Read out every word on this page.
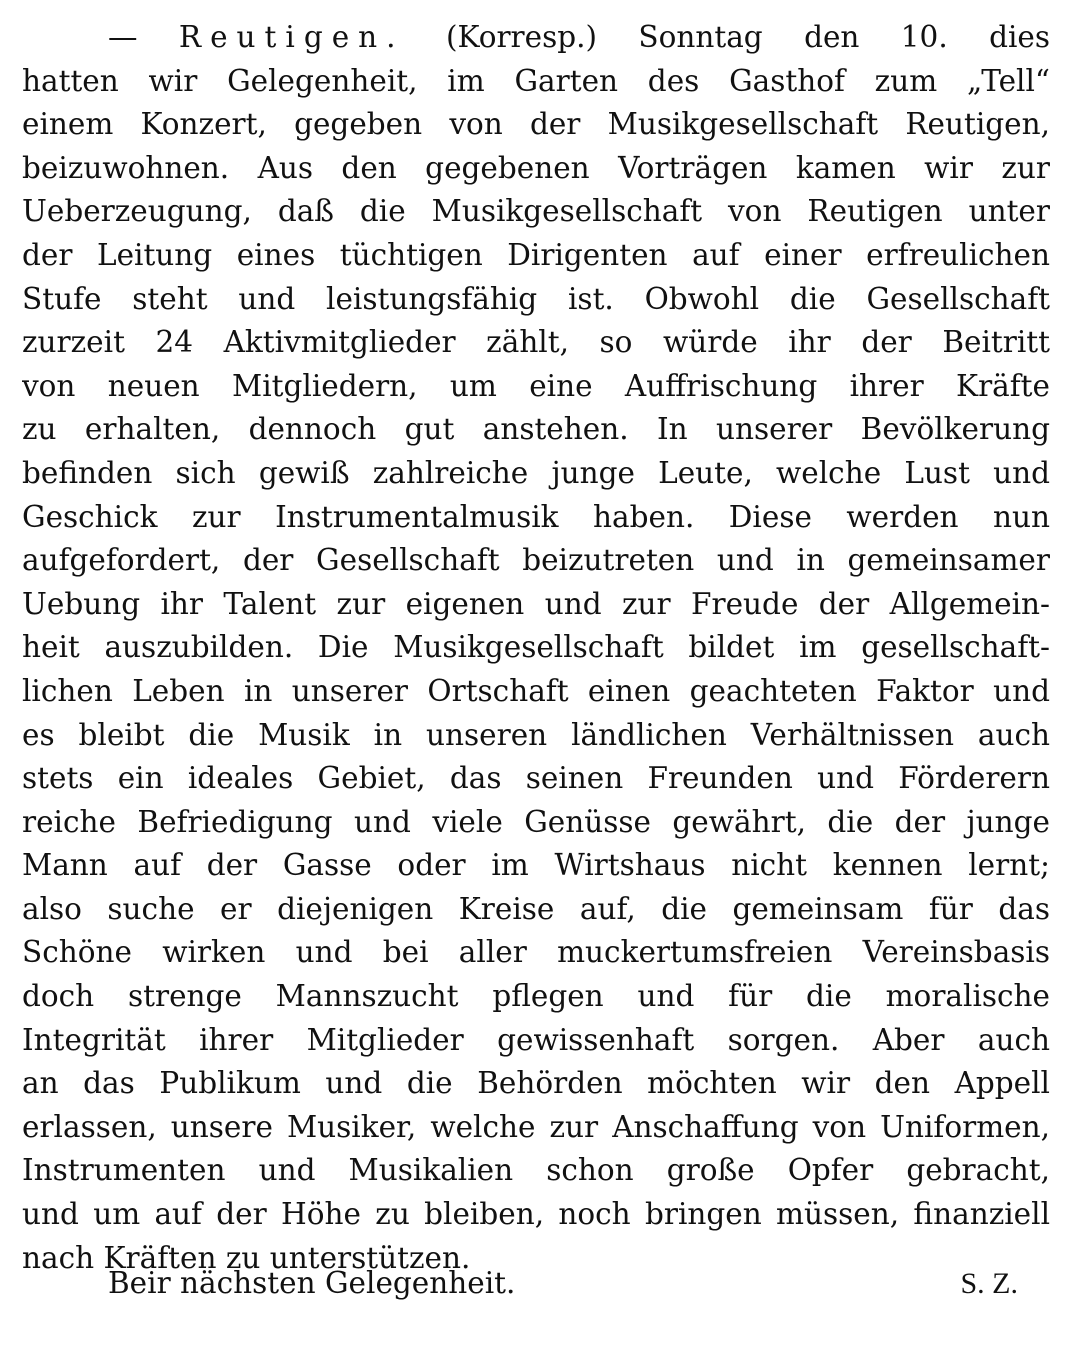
— Reutigen. (Korresp.) Sonntag den 10. dies
hatten wir Gelegenheit, im Garten des Gasthof zum „Tell“
einem Konzert, gegeben von der Musikgesellschaft Reutigen,
beizuwohnen. Aus den gegebenen Vorträgen kamen wir zur
Ueberzeugung, daß die Musikgesellschaft von Reutigen unter
der Leitung eines tüchtigen Dirigenten auf einer erfreulichen
Stufe steht und leistungsfähig ist. Obwohl die Gesellschaft
zurzeit 24 Aktivmitglieder zählt, so würde ihr der Beitritt
von neuen Mitgliedern, um eine Auffrischung ihrer Kräfte
zu erhalten, dennoch gut anstehen. In unserer Bevölkerung
befinden sich gewiß zahlreiche junge Leute, welche Lust und
Geschick zur Instrumentalmusik haben. Diese werden nun
aufgefordert, der Gesellschaft beizutreten und in gemeinsamer
Uebung ihr Talent zur eigenen und zur Freude der Allgemein-
heit auszubilden. Die Musikgesellschaft bildet im gesellschaft-
lichen Leben in unserer Ortschaft einen geachteten Faktor und
es bleibt die Musik in unseren ländlichen Verhältnissen auch
stets ein ideales Gebiet, das seinen Freunden und Förderern
reiche Befriedigung und viele Genüsse gewährt, die der junge
Mann auf der Gasse oder im Wirtshaus nicht kennen lernt;
also suche er diejenigen Kreise auf, die gemeinsam für das
Schöne wirken und bei aller muckertumsfreien Vereinsbasis
doch strenge Mannszucht pflegen und für die moralische
Integrität ihrer Mitglieder gewissenhaft sorgen. Aber auch
an das Publikum und die Behörden möchten wir den Appell
erlassen, unsere Musiker, welche zur Anschaffung von Uniformen,
Instrumenten und Musikalien schon große Opfer gebracht,
und um auf der Höhe zu bleiben, noch bringen müssen, finanziell
nach Kräften zu unterstützen.
Beir nächsten Gelegenheit.	S. Z.
